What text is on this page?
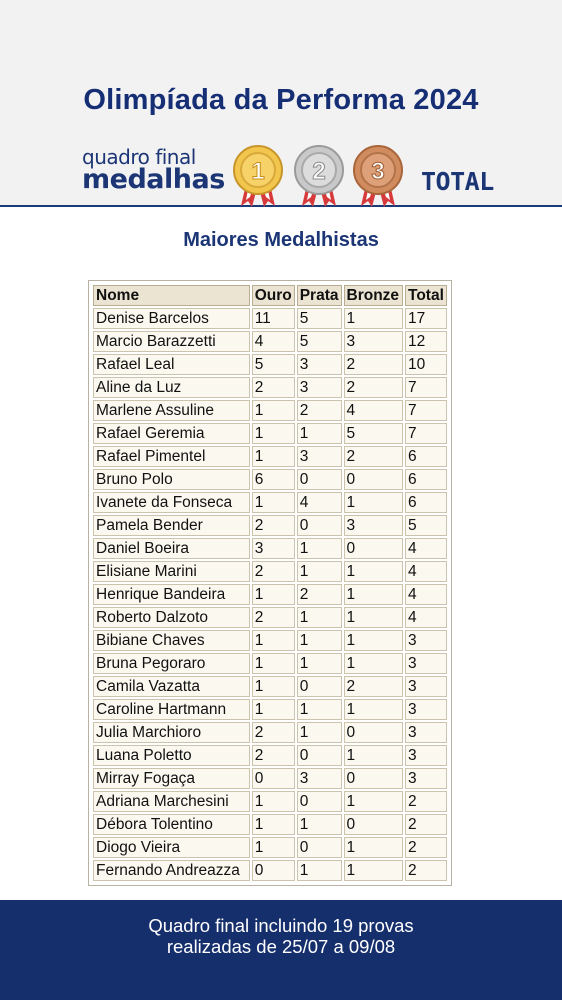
Olimpíada da Performa 2024
quadro final
medalhas 1 2 3 TOTAL
Maiores Medalhistas
Nome	Ouro	Prata	Bronze	Total
Denise Barcelos	11	5	1	17
Marcio Barazzetti	4	5	3	12
Rafael Leal	5	3	2	10
Aline da Luz	2	3	2	7
Marlene Assuline	1	2	4	7
Rafael Geremia	1	1	5	7
Rafael Pimentel	1	3	2	6
Bruno Polo	6	0	0	6
Ivanete da Fonseca	1	4	1	6
Pamela Bender	2	0	3	5
Daniel Boeira	3	1	0	4
Elisiane Marini	2	1	1	4
Henrique Bandeira	1	2	1	4
Roberto Dalzoto	2	1	1	4
Bibiane Chaves	1	1	1	3
Bruna Pegoraro	1	1	1	3
Camila Vazatta	1	0	2	3
Caroline Hartmann	1	1	1	3
Julia Marchioro	2	1	0	3
Luana Poletto	2	0	1	3
Mirray Fogaça	0	3	0	3
Adriana Marchesini	1	0	1	2
Débora Tolentino	1	1	0	2
Diogo Vieira	1	0	1	2
Fernando Andreazza	0	1	1	2
Quadro final incluindo 19 provas
realizadas de 25/07 a 09/08
